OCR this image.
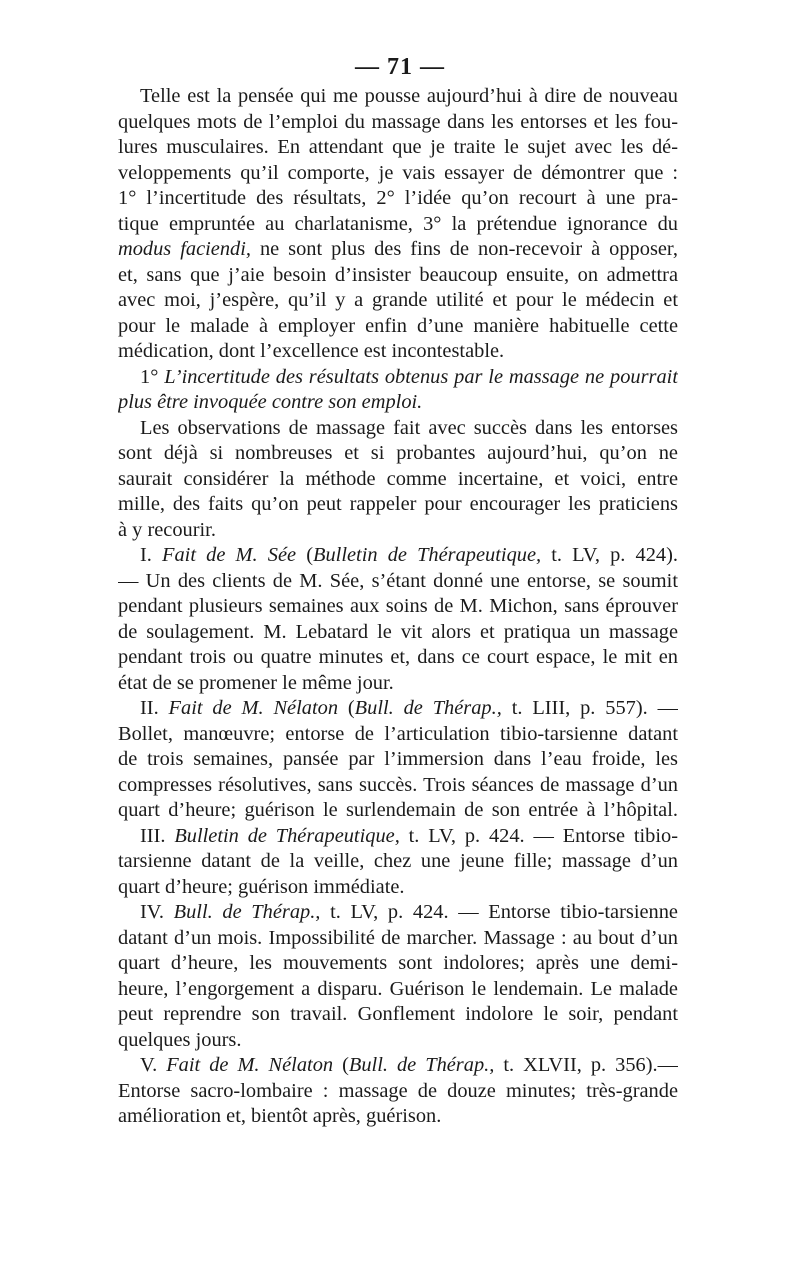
— 71 —
Telle est la pensée qui me pousse aujourd’hui à dire de nouveau
quelques mots de l’emploi du massage dans les entorses et les fou-
lures musculaires. En attendant que je traite le sujet avec les dé-
veloppements qu’il comporte, je vais essayer de démontrer que :
1° l’incertitude des résultats, 2° l’idée qu’on recourt à une pra-
tique empruntée au charlatanisme, 3° la prétendue ignorance du
modus faciendi, ne sont plus des fins de non-recevoir à opposer,
et, sans que j’aie besoin d’insister beaucoup ensuite, on admettra
avec moi, j’espère, qu’il y a grande utilité et pour le médecin et
pour le malade à employer enfin d’une manière habituelle cette
médication, dont l’excellence est incontestable.
1° L’incertitude des résultats obtenus par le massage ne pourrait
plus être invoquée contre son emploi.
Les observations de massage fait avec succès dans les entorses
sont déjà si nombreuses et si probantes aujourd’hui, qu’on ne
saurait considérer la méthode comme incertaine, et voici, entre
mille, des faits qu’on peut rappeler pour encourager les praticiens
à y recourir.
I. Fait de M. Sée (Bulletin de Thérapeutique, t. LV, p. 424).
— Un des clients de M. Sée, s’étant donné une entorse, se soumit
pendant plusieurs semaines aux soins de M. Michon, sans éprouver
de soulagement. M. Lebatard le vit alors et pratiqua un massage
pendant trois ou quatre minutes et, dans ce court espace, le mit en
état de se promener le même jour.
II. Fait de M. Nélaton (Bull. de Thérap., t. LIII, p. 557). —
Bollet, manœuvre; entorse de l’articulation tibio-tarsienne datant
de trois semaines, pansée par l’immersion dans l’eau froide, les
compresses résolutives, sans succès. Trois séances de massage d’un
quart d’heure; guérison le surlendemain de son entrée à l’hôpital.
III. Bulletin de Thérapeutique, t. LV, p. 424. — Entorse tibio-
tarsienne datant de la veille, chez une jeune fille; massage d’un
quart d’heure; guérison immédiate.
IV. Bull. de Thérap., t. LV, p. 424. — Entorse tibio-tarsienne
datant d’un mois. Impossibilité de marcher. Massage : au bout d’un
quart d’heure, les mouvements sont indolores; après une demi-
heure, l’engorgement a disparu. Guérison le lendemain. Le malade
peut reprendre son travail. Gonflement indolore le soir, pendant
quelques jours.
V. Fait de M. Nélaton (Bull. de Thérap., t. XLVII, p. 356).—
Entorse sacro-lombaire : massage de douze minutes; très-grande
amélioration et, bientôt après, guérison.
